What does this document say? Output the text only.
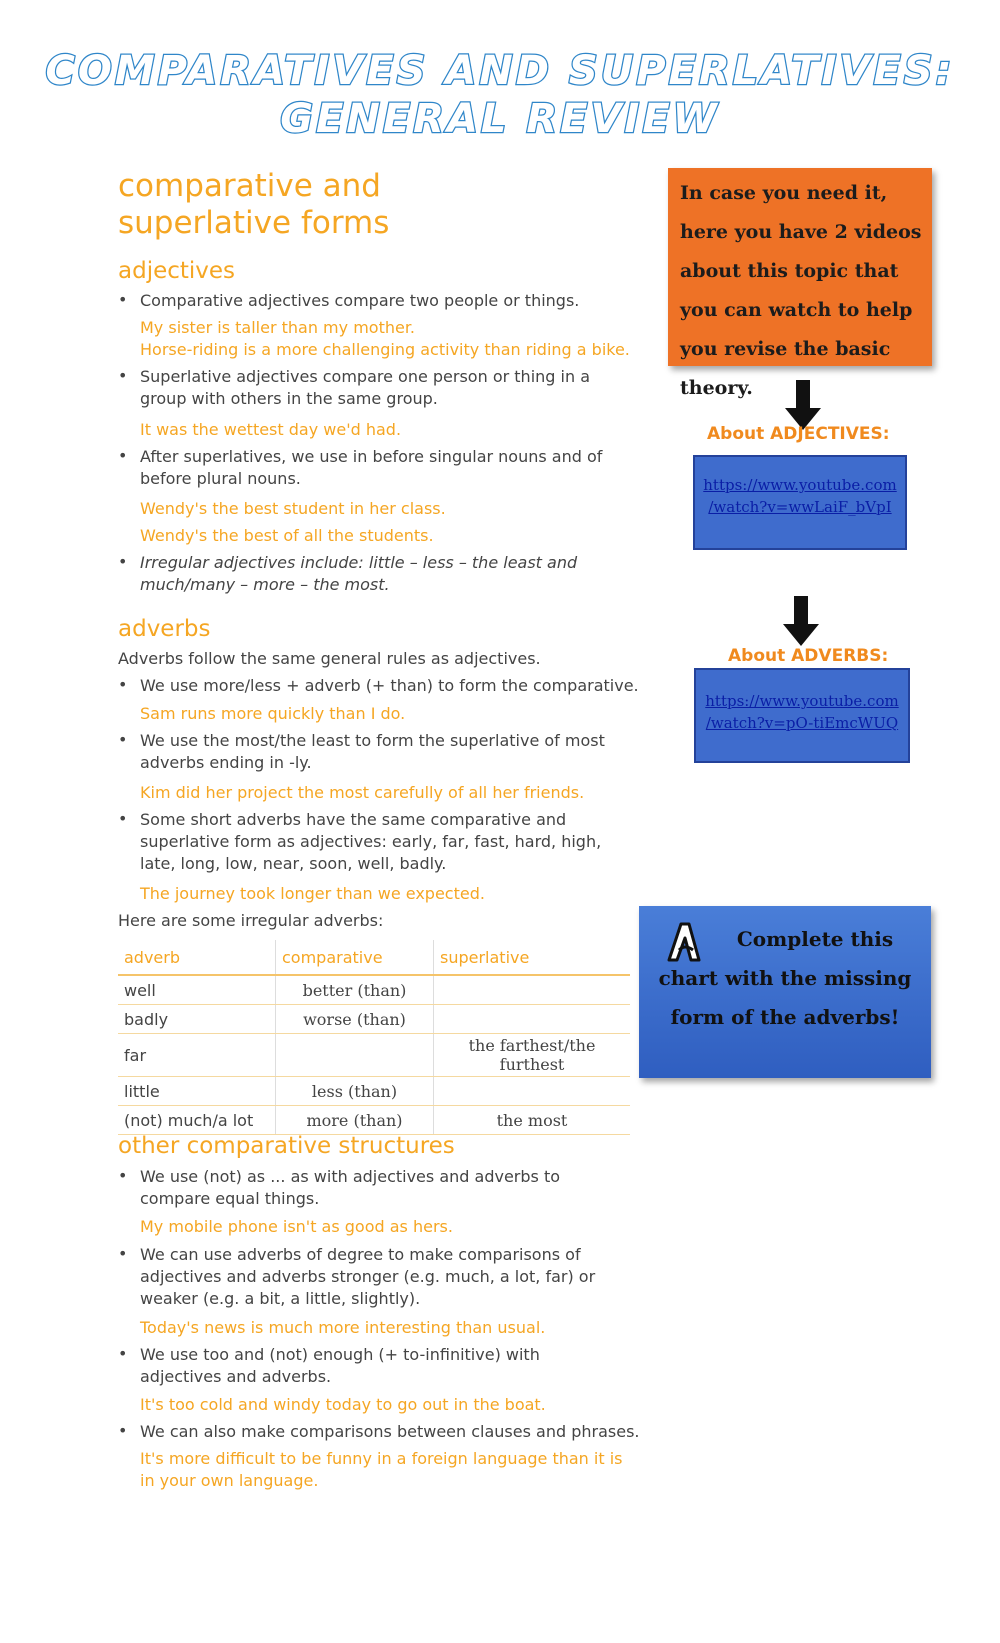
COMPARATIVES AND SUPERLATIVES:
GENERAL REVIEW
comparative and superlative forms
adjectives
• Comparative adjectives compare two people or things.
My sister is taller than my mother.
Horse-riding is a more challenging activity than riding a bike.
• Superlative adjectives compare one person or thing in a group with others in the same group.
It was the wettest day we'd had.
• After superlatives, we use in before singular nouns and of before plural nouns.
Wendy's the best student in her class.
Wendy's the best of all the students.
• Irregular adjectives include: little – less – the least and much/many – more – the most.
adverbs
Adverbs follow the same general rules as adjectives.
• We use more/less + adverb (+ than) to form the comparative.
Sam runs more quickly than I do.
• We use the most/the least to form the superlative of most adverbs ending in -ly.
Kim did her project the most carefully of all her friends.
• Some short adverbs have the same comparative and superlative form as adjectives: early, far, fast, hard, high, late, long, low, near, soon, well, badly.
The journey took longer than we expected.
Here are some irregular adverbs:
adverb	comparative	superlative
well	better (than)	
badly	worse (than)	
far		the farthest/the furthest
little	less (than)	
(not) much/a lot	more (than)	the most
other comparative structures
• We use (not) as ... as with adjectives and adverbs to compare equal things.
My mobile phone isn't as good as hers.
• We can use adverbs of degree to make comparisons of adjectives and adverbs stronger (e.g. much, a lot, far) or weaker (e.g. a bit, a little, slightly).
Today's news is much more interesting than usual.
• We use too and (not) enough (+ to-infinitive) with adjectives and adverbs.
It's too cold and windy today to go out in the boat.
• We can also make comparisons between clauses and phrases.
It's more difficult to be funny in a foreign language than it is in your own language.
In case you need it, here you have 2 videos about this topic that you can watch to help you revise the basic theory.
About ADJECTIVES:
https://www.youtube.com
/watch?v=wwLaiF_bVpI
About ADVERBS:
https://www.youtube.com
/watch?v=pO-tiEmcWUQ
Complete this chart with the missing form of the adverbs!
